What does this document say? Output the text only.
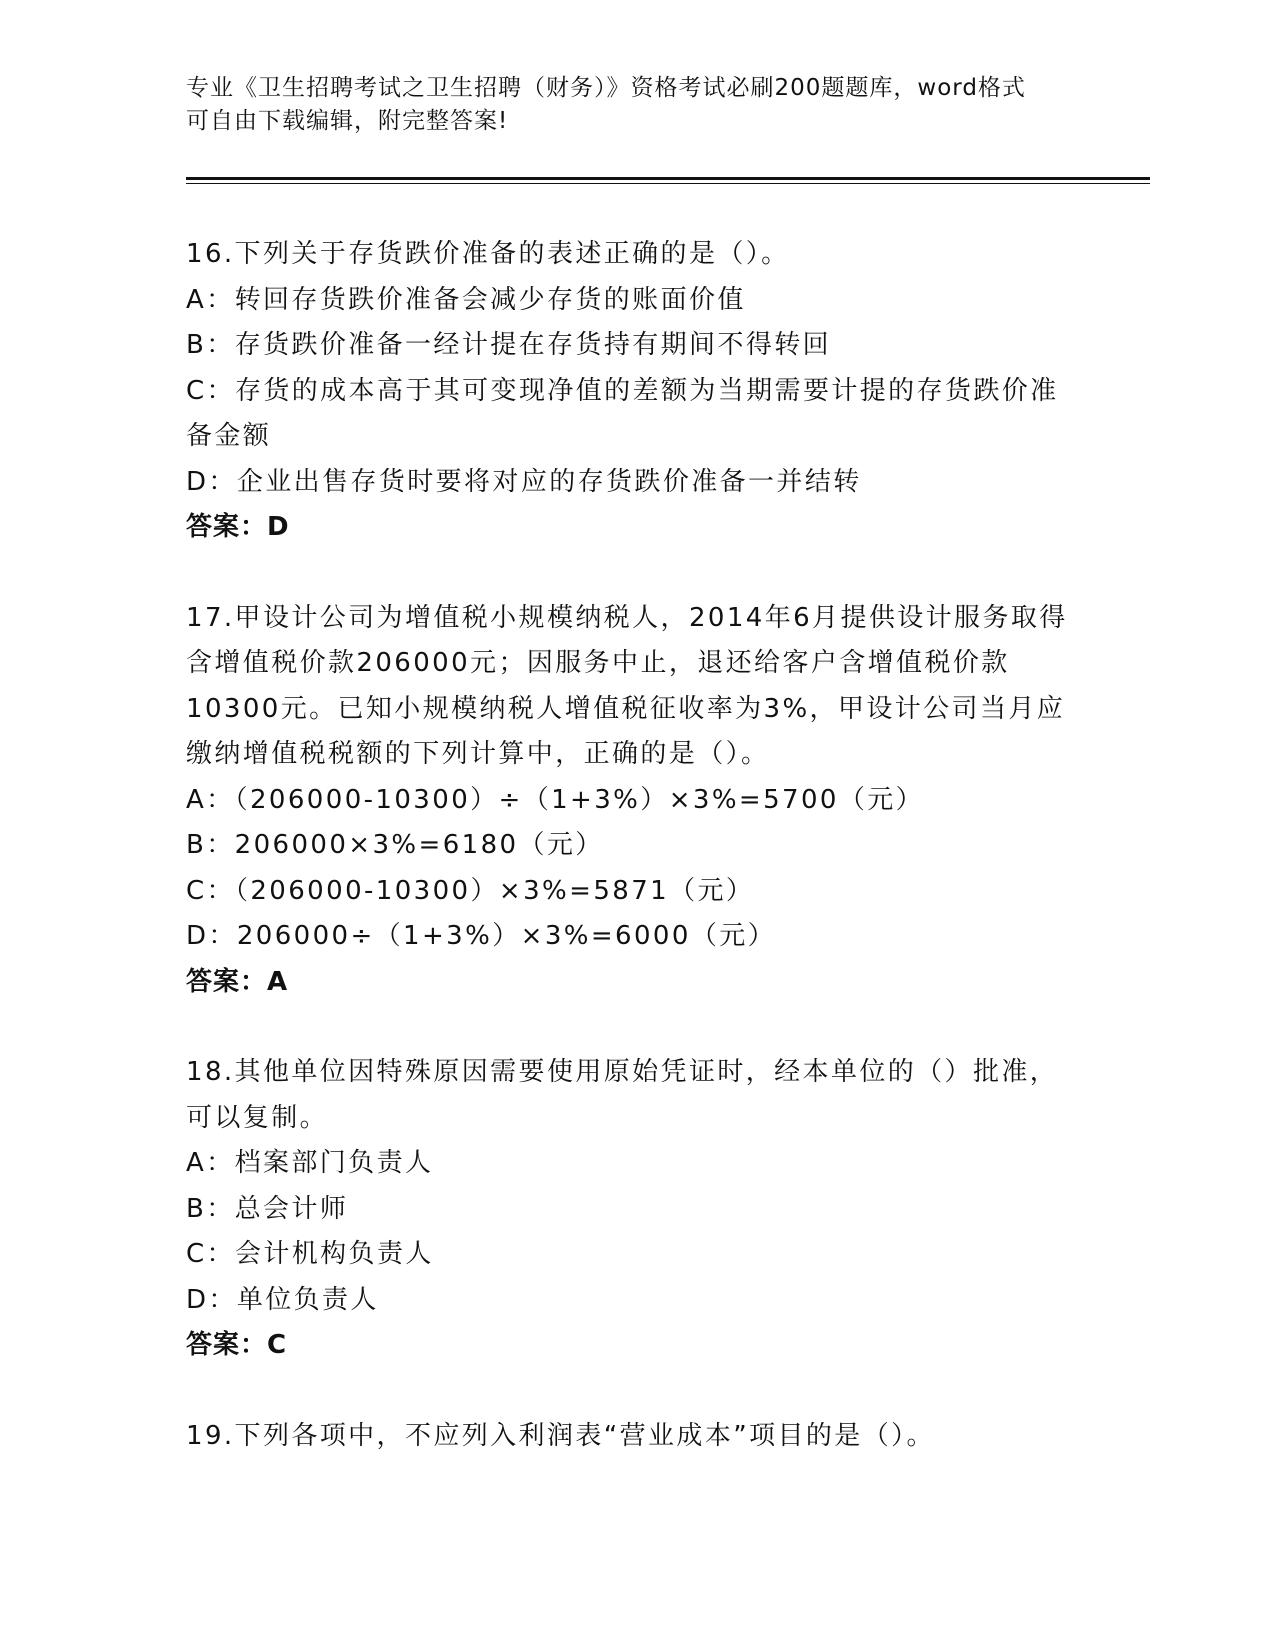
专业《卫生招聘考试之卫生招聘（财务）》资格考试必刷200题题库，word格式
可自由下载编辑，附完整答案!
16.下列关于存货跌价准备的表述正确的是（）。
A：转回存货跌价准备会减少存货的账面价值
B：存货跌价准备一经计提在存货持有期间不得转回
C：存货的成本高于其可变现净值的差额为当期需要计提的存货跌价准
备金额
D：企业出售存货时要将对应的存货跌价准备一并结转
答案：D
17.甲设计公司为增值税小规模纳税人，2014年6月提供设计服务取得
含增值税价款206000元；因服务中止，退还给客户含增值税价款
10300元。已知小规模纳税人增值税征收率为3%，甲设计公司当月应
缴纳增值税税额的下列计算中，正确的是（）。
A：（206000-10300）÷（1+3%）×3%=5700（元）
B：206000×3%=6180（元）
C：（206000-10300）×3%=5871（元）
D：206000÷（1+3%）×3%=6000（元）
答案：A
18.其他单位因特殊原因需要使用原始凭证时，经本单位的（）批准，
可以复制。
A：档案部门负责人
B：总会计师
C：会计机构负责人
D：单位负责人
答案：C
19.下列各项中，不应列入利润表“营业成本”项目的是（）。
